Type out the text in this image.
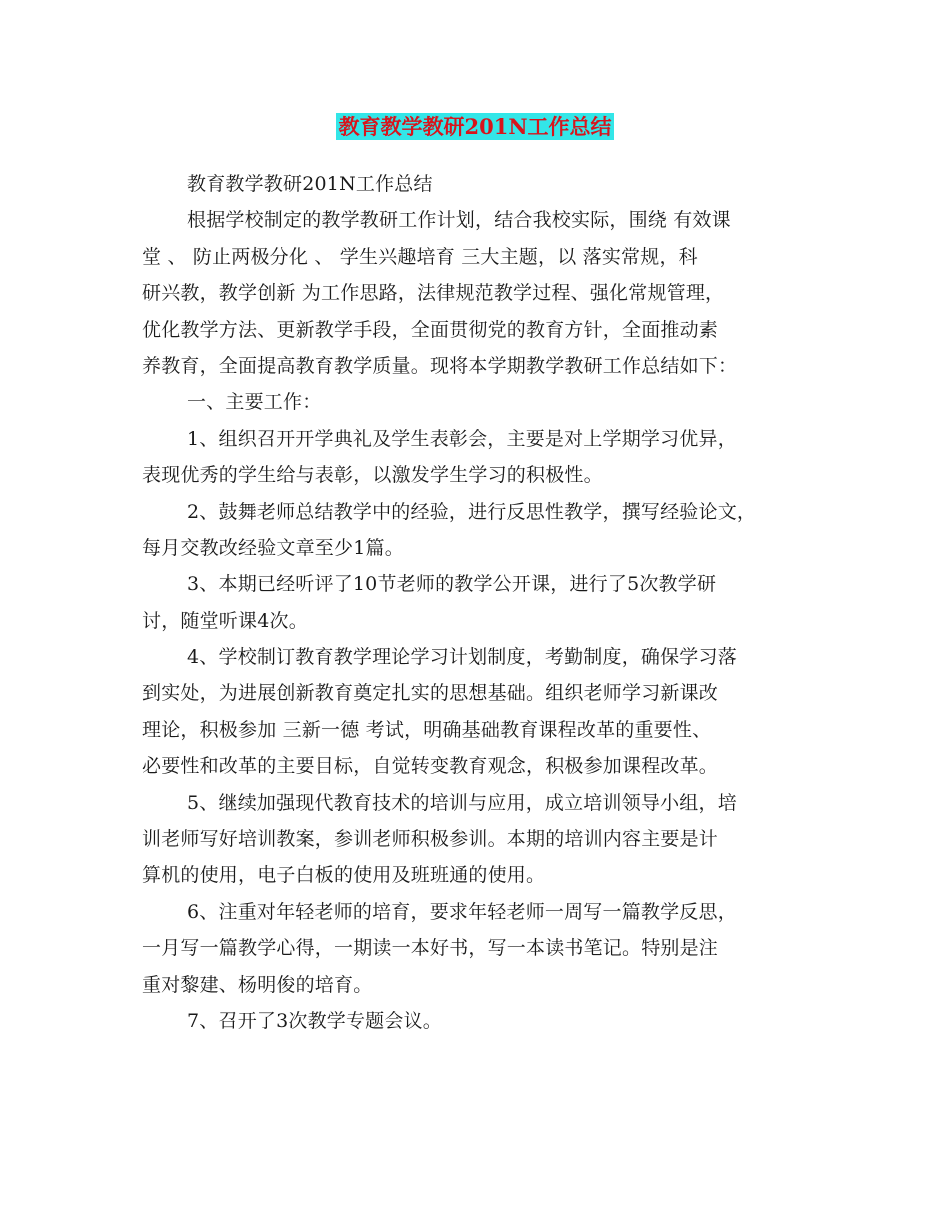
教育教学教研201N工作总结

教育教学教研201N工作总结

根据学校制定的教学教研工作计划，结合我校实际，围绕 有效课

堂 、 防止两极分化 、 学生兴趣培育 三大主题，以 落实常规，科

研兴教，教学创新 为工作思路，法律规范教学过程、强化常规管理，

优化教学方法、更新教学手段，全面贯彻党的教育方针，全面推动素

养教育，全面提高教育教学质量。现将本学期教学教研工作总结如下：

一、主要工作：

1、组织召开开学典礼及学生表彰会，主要是对上学期学习优异，

表现优秀的学生给与表彰，以激发学生学习的积极性。

2、鼓舞老师总结教学中的经验，进行反思性教学，撰写经验论文，

每月交教改经验文章至少1篇。

3、本期已经听评了10节老师的教学公开课，进行了5次教学研

讨，随堂听课4次。

4、学校制订教育教学理论学习计划制度，考勤制度，确保学习落

到实处，为进展创新教育奠定扎实的思想基础。组织老师学习新课改

理论，积极参加 三新一德 考试，明确基础教育课程改革的重要性、

必要性和改革的主要目标，自觉转变教育观念，积极参加课程改革。

5、继续加强现代教育技术的培训与应用，成立培训领导小组，培

训老师写好培训教案，参训老师积极参训。本期的培训内容主要是计

算机的使用，电子白板的使用及班班通的使用。

6、注重对年轻老师的培育，要求年轻老师一周写一篇教学反思，

一月写一篇教学心得，一期读一本好书，写一本读书笔记。特别是注

重对黎建、杨明俊的培育。

7、召开了3次教学专题会议。
